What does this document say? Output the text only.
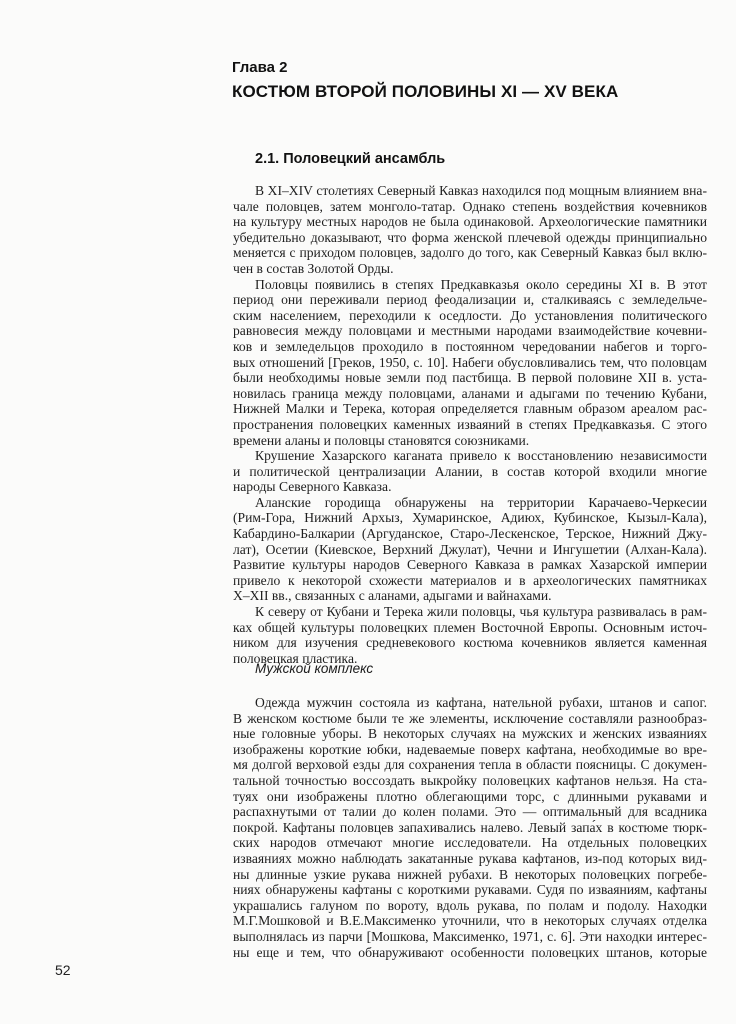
Глава 2
КОСТЮМ ВТОРОЙ ПОЛОВИНЫ XI — XV ВЕКА
2.1. Половецкий ансамбль
В XI–XIV столетиях Северный Кавказ находился под мощным влиянием вна-
чале половцев, затем монголо-татар. Однако степень воздействия кочевников
на культуру местных народов не была одинаковой. Археологические памятники
убедительно доказывают, что форма женской плечевой одежды принципиально
меняется с приходом половцев, задолго до того, как Северный Кавказ был вклю-
чен в состав Золотой Орды.
Половцы появились в степях Предкавказья около середины XI в. В этот
период они переживали период феодализации и, сталкиваясь с земледельче-
ским населением, переходили к оседлости. До установления политического
равновесия между половцами и местными народами взаимодействие кочевни-
ков и земледельцов проходило в постоянном чередовании набегов и торго-
вых отношений [Греков, 1950, с. 10]. Набеги обусловливались тем, что половцам
были необходимы новые земли под пастбища. В первой половине XII в. уста-
новилась граница между половцами, аланами и адыгами по течению Кубани,
Нижней Малки и Терека, которая определяется главным образом ареалом рас-
пространения половецких каменных изваяний в степях Предкавказья. С этого
времени аланы и половцы становятся союзниками.
Крушение Хазарского каганата привело к восстановлению независимости
и политической централизации Алании, в состав которой входили многие
народы Северного Кавказа.
Аланские городища обнаружены на территории Карачаево-Черкесии
(Рим-Гора, Нижний Архыз, Хумаринское, Адиюх, Кубинское, Кызыл-Кала),
Кабардино-Балкарии (Аргуданское, Старо-Лескенское, Терское, Нижний Джу-
лат), Осетии (Киевское, Верхний Джулат), Чечни и Ингушетии (Алхан-Кала).
Развитие культуры народов Северного Кавказа в рамках Хазарской империи
привело к некоторой схожести материалов и в археологических памятниках
X–XII вв., связанных с аланами, адыгами и вайнахами.
К северу от Кубани и Терека жили половцы, чья культура развивалась в рам-
ках общей культуры половецких племен Восточной Европы. Основным источ-
ником для изучения средневекового костюма кочевников является каменная
половецкая пластика.
Мужской комплекс
Одежда мужчин состояла из кафтана, нательной рубахи, штанов и сапог.
В женском костюме были те же элементы, исключение составляли разнообраз-
ные головные уборы. В некоторых случаях на мужских и женских изваяниях
изображены короткие юбки, надеваемые поверх кафтана, необходимые во вре-
мя долгой верховой езды для сохранения тепла в области поясницы. С докумен-
тальной точностью воссоздать выкройку половецких кафтанов нельзя. На ста-
туях они изображены плотно облегающими торс, с длинными рукавами и
распахнутыми от талии до колен полами. Это — оптимальный для всадника
покрой. Кафтаны половцев запахивались налево. Левый запа́х в костюме тюрк-
ских народов отмечают многие исследователи. На отдельных половецких
изваяниях можно наблюдать закатанные рукава кафтанов, из-под которых вид-
ны длинные узкие рукава нижней рубахи. В некоторых половецких погребе-
ниях обнаружены кафтаны с короткими рукавами. Судя по изваяниям, кафтаны
украшались галуном по вороту, вдоль рукава, по полам и подолу. Находки
М.Г.Мошковой и В.Е.Максименко уточнили, что в некоторых случаях отделка
выполнялась из парчи [Мошкова, Максименко, 1971, с. 6]. Эти находки интерес-
ны еще и тем, что обнаруживают особенности половецких штанов, которые
52
